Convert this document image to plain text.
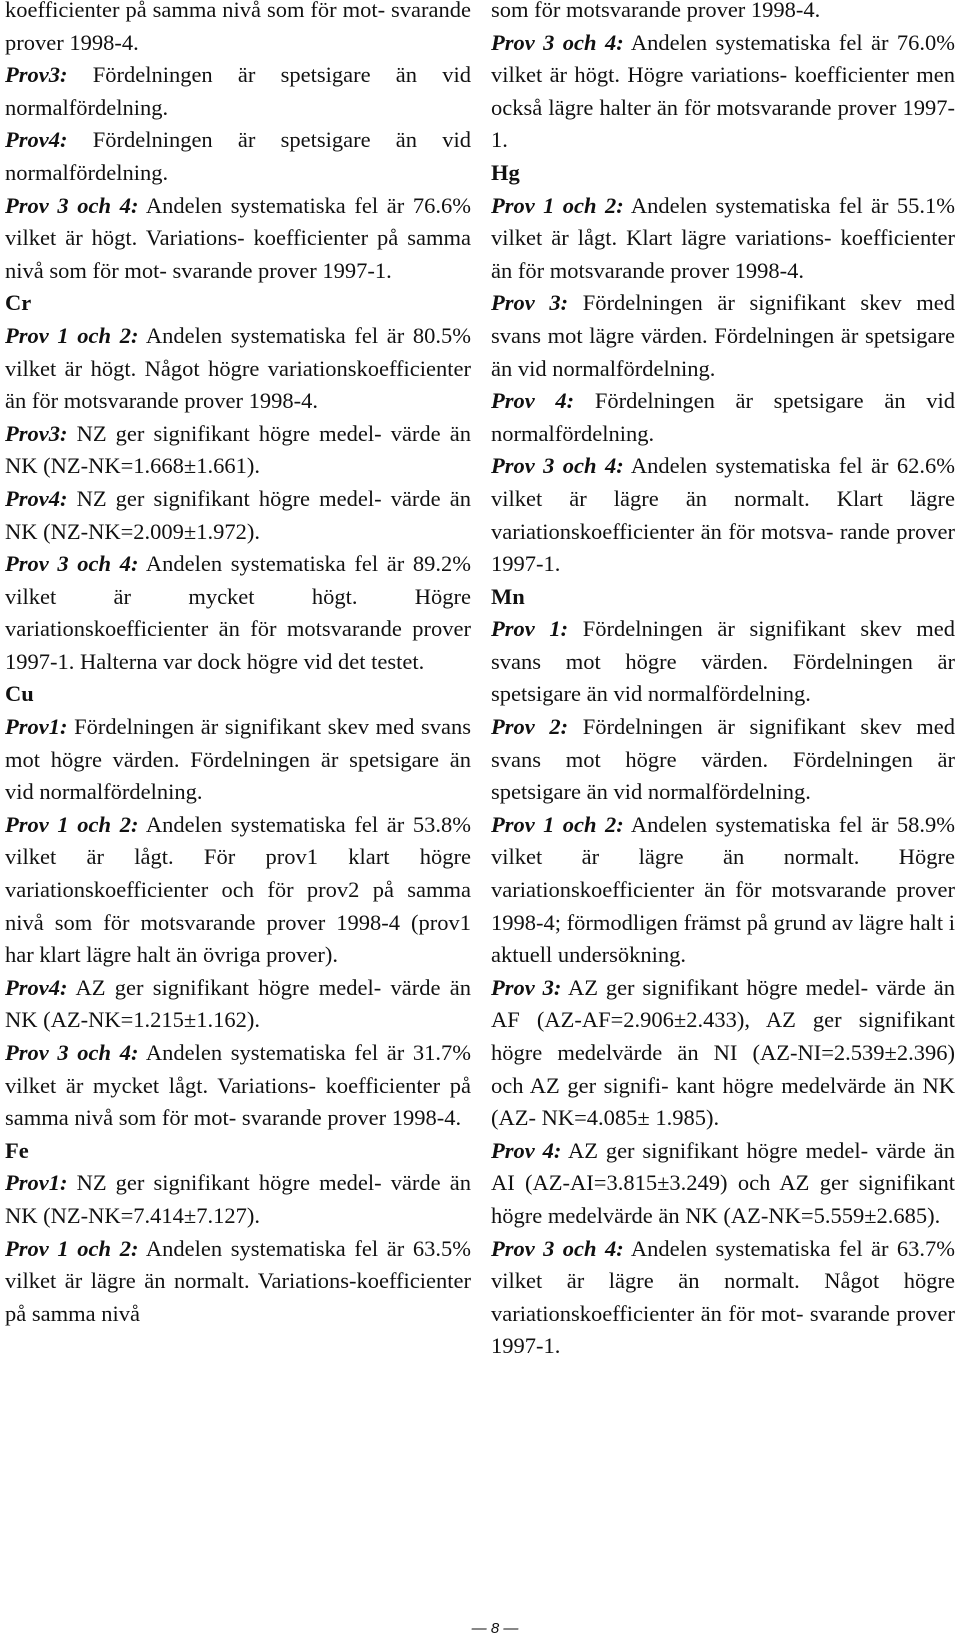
koefficienter på samma nivå som för mot- svarande prover 1998-4.

Prov3: Fördelningen är spetsigare än vid normalfördelning.

Prov4: Fördelningen är spetsigare än vid normalfördelning.

Prov 3 och 4: Andelen systematiska fel är 76.6% vilket är högt. Variations- koefficienter på samma nivå som för mot- svarande prover 1997-1.

Cr

Prov 1 och 2: Andelen systematiska fel är 80.5% vilket är högt. Något högre variationskoefficienter än för motsvarande prover 1998-4.

Prov3: NZ ger signifikant högre medel- värde än NK (NZ-NK=1.668±1.661).

Prov4: NZ ger signifikant högre medel- värde än NK (NZ-NK=2.009±1.972).

Prov 3 och 4: Andelen systematiska fel är 89.2% vilket är mycket högt. Högre variationskoefficienter än för motsvarande prover 1997-1. Halterna var dock högre vid det testet.

Cu

Prov1: Fördelningen är signifikant skev med svans mot högre värden. Fördelningen är spetsigare än vid normalfördelning.

Prov 1 och 2: Andelen systematiska fel är 53.8% vilket är lågt. För prov1 klart högre variationskoefficienter och för prov2 på samma nivå som för motsvarande prover 1998-4 (prov1 har klart lägre halt än övriga prover).

Prov4: AZ ger signifikant högre medel- värde än NK (AZ-NK=1.215±1.162).

Prov 3 och 4: Andelen systematiska fel är 31.7% vilket är mycket lågt. Variations- koefficienter på samma nivå som för mot- svarande prover 1998-4.

Fe

Prov1: NZ ger signifikant högre medel- värde än NK (NZ-NK=7.414±7.127).

Prov 1 och 2: Andelen systematiska fel är 63.5% vilket är lägre än normalt. Variations-koefficienter på samma nivå

som för motsvarande prover 1998-4.

Prov 3 och 4: Andelen systematiska fel är 76.0% vilket är högt. Högre variations- koefficienter men också lägre halter än för motsvarande prover 1997-1.

Hg

Prov 1 och 2: Andelen systematiska fel är 55.1% vilket är lågt. Klart lägre variations- koefficienter än för motsvarande prover 1998-4.

Prov 3: Fördelningen är signifikant skev med svans mot lägre värden. Fördelningen är spetsigare än vid normalfördelning.

Prov 4: Fördelningen är spetsigare än vid normalfördelning.

Prov 3 och 4: Andelen systematiska fel är 62.6% vilket är lägre än normalt. Klart lägre variationskoefficienter än för motsva- rande prover 1997-1.

Mn

Prov 1: Fördelningen är signifikant skev med svans mot högre värden. Fördelningen är spetsigare än vid normalfördelning.

Prov 2: Fördelningen är signifikant skev med svans mot högre värden. Fördelningen är spetsigare än vid normalfördelning.

Prov 1 och 2: Andelen systematiska fel är 58.9% vilket är lägre än normalt. Högre variationskoefficienter än för motsvarande prover 1998-4; förmodligen främst på grund av lägre halt i aktuell undersökning.

Prov 3: AZ ger signifikant högre medel- värde än AF (AZ-AF=2.906±2.433), AZ ger signifikant högre medelvärde än NI (AZ-NI=2.539±2.396) och AZ ger signifi- kant högre medelvärde än NK (AZ- NK=4.085± 1.985).

Prov 4: AZ ger signifikant högre medel- värde än AI (AZ-AI=3.815±3.249) och AZ ger signifikant högre medelvärde än NK (AZ-NK=5.559±2.685).

Prov 3 och 4: Andelen systematiska fel är 63.7% vilket är lägre än normalt. Något högre variationskoefficienter än för mot- svarande prover 1997-1.

— 8 —
